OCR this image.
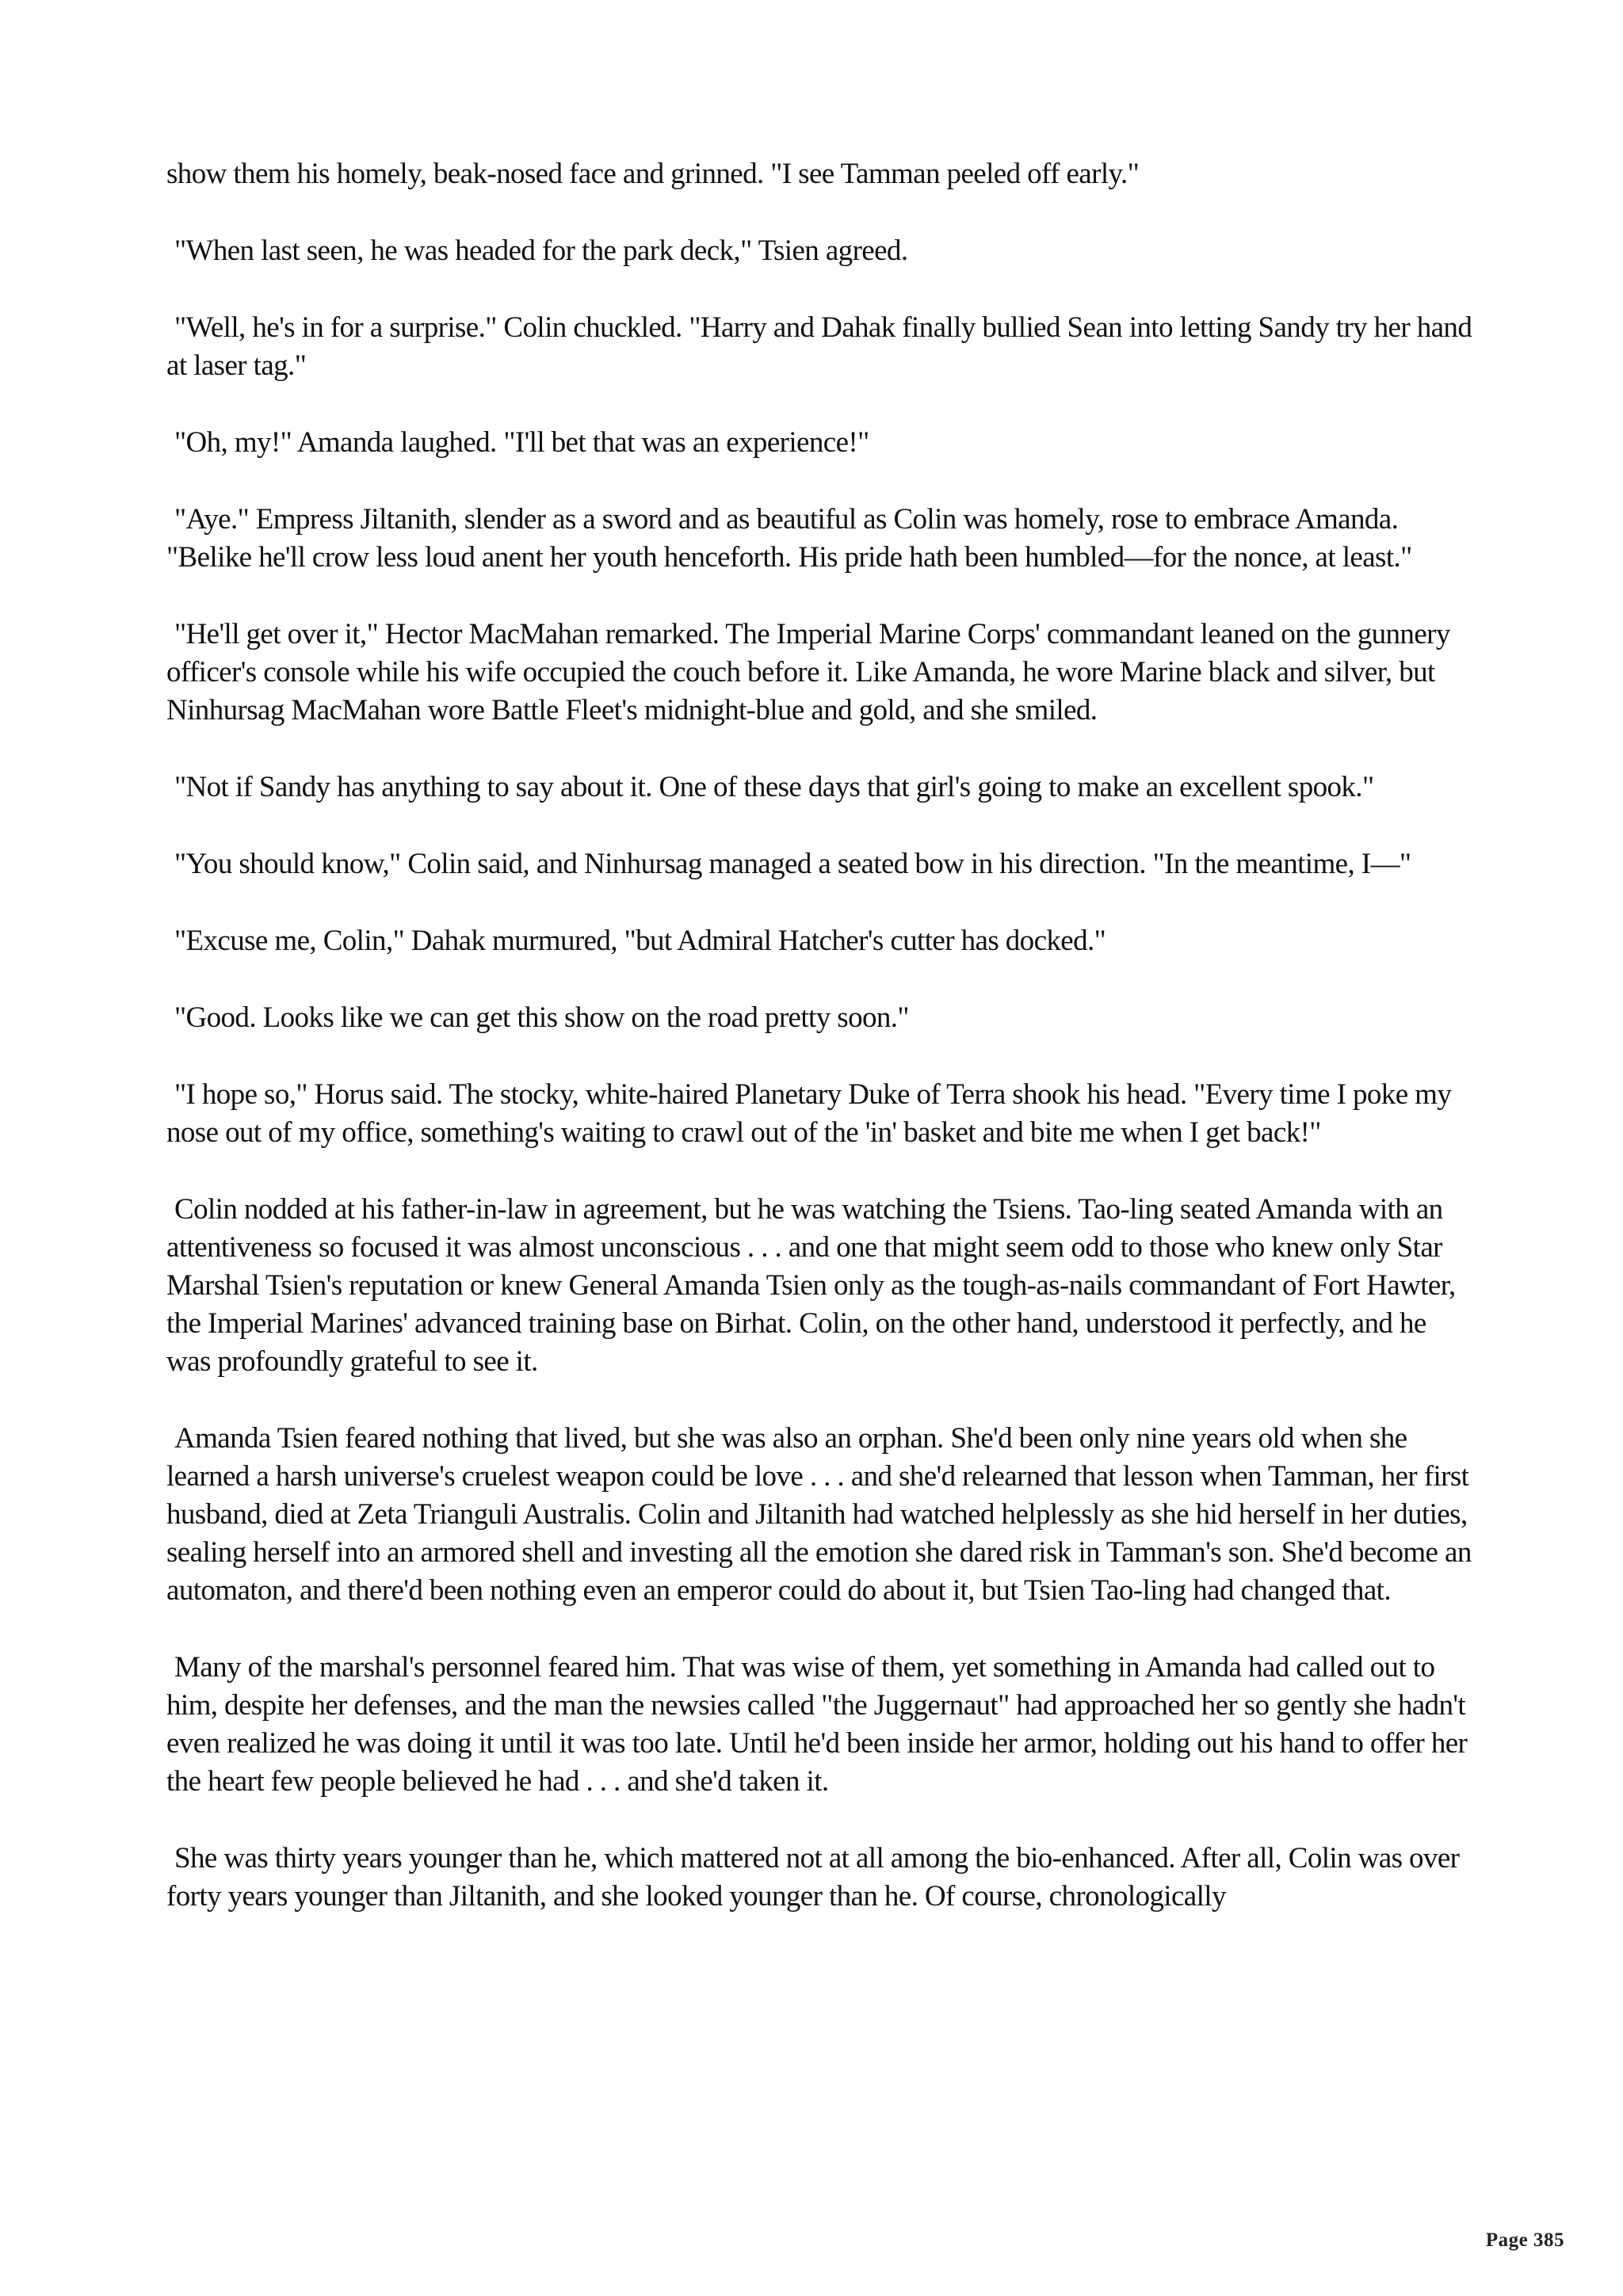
show them his homely, beak-nosed face and grinned. "I see Tamman peeled off early."

"When last seen, he was headed for the park deck," Tsien agreed.

"Well, he's in for a surprise." Colin chuckled. "Harry and Dahak finally bullied Sean into letting Sandy try her hand at laser tag."

"Oh, my!" Amanda laughed. "I'll bet that was an experience!"

"Aye." Empress Jiltanith, slender as a sword and as beautiful as Colin was homely, rose to embrace Amanda. "Belike he'll crow less loud anent her youth henceforth. His pride hath been humbled—for the nonce, at least."

"He'll get over it," Hector MacMahan remarked. The Imperial Marine Corps' commandant leaned on the gunnery officer's console while his wife occupied the couch before it. Like Amanda, he wore Marine black and silver, but Ninhursag MacMahan wore Battle Fleet's midnight-blue and gold, and she smiled.

"Not if Sandy has anything to say about it. One of these days that girl's going to make an excellent spook."

"You should know," Colin said, and Ninhursag managed a seated bow in his direction. "In the meantime, I—"

"Excuse me, Colin," Dahak murmured, "but Admiral Hatcher's cutter has docked."

"Good. Looks like we can get this show on the road pretty soon."

"I hope so," Horus said. The stocky, white-haired Planetary Duke of Terra shook his head. "Every time I poke my nose out of my office, something's waiting to crawl out of the 'in' basket and bite me when I get back!"

Colin nodded at his father-in-law in agreement, but he was watching the Tsiens. Tao-ling seated Amanda with an attentiveness so focused it was almost unconscious . . . and one that might seem odd to those who knew only Star Marshal Tsien's reputation or knew General Amanda Tsien only as the tough-as-nails commandant of Fort Hawter, the Imperial Marines' advanced training base on Birhat. Colin, on the other hand, understood it perfectly, and he was profoundly grateful to see it.

Amanda Tsien feared nothing that lived, but she was also an orphan. She'd been only nine years old when she learned a harsh universe's cruelest weapon could be love . . . and she'd relearned that lesson when Tamman, her first husband, died at Zeta Trianguli Australis. Colin and Jiltanith had watched helplessly as she hid herself in her duties, sealing herself into an armored shell and investing all the emotion she dared risk in Tamman's son. She'd become an automaton, and there'd been nothing even an emperor could do about it, but Tsien Tao-ling had changed that.

Many of the marshal's personnel feared him. That was wise of them, yet something in Amanda had called out to him, despite her defenses, and the man the newsies called "the Juggernaut" had approached her so gently she hadn't even realized he was doing it until it was too late. Until he'd been inside her armor, holding out his hand to offer her the heart few people believed he had . . . and she'd taken it.

She was thirty years younger than he, which mattered not at all among the bio-enhanced. After all, Colin was over forty years younger than Jiltanith, and she looked younger than he. Of course, chronologically

Page 385
